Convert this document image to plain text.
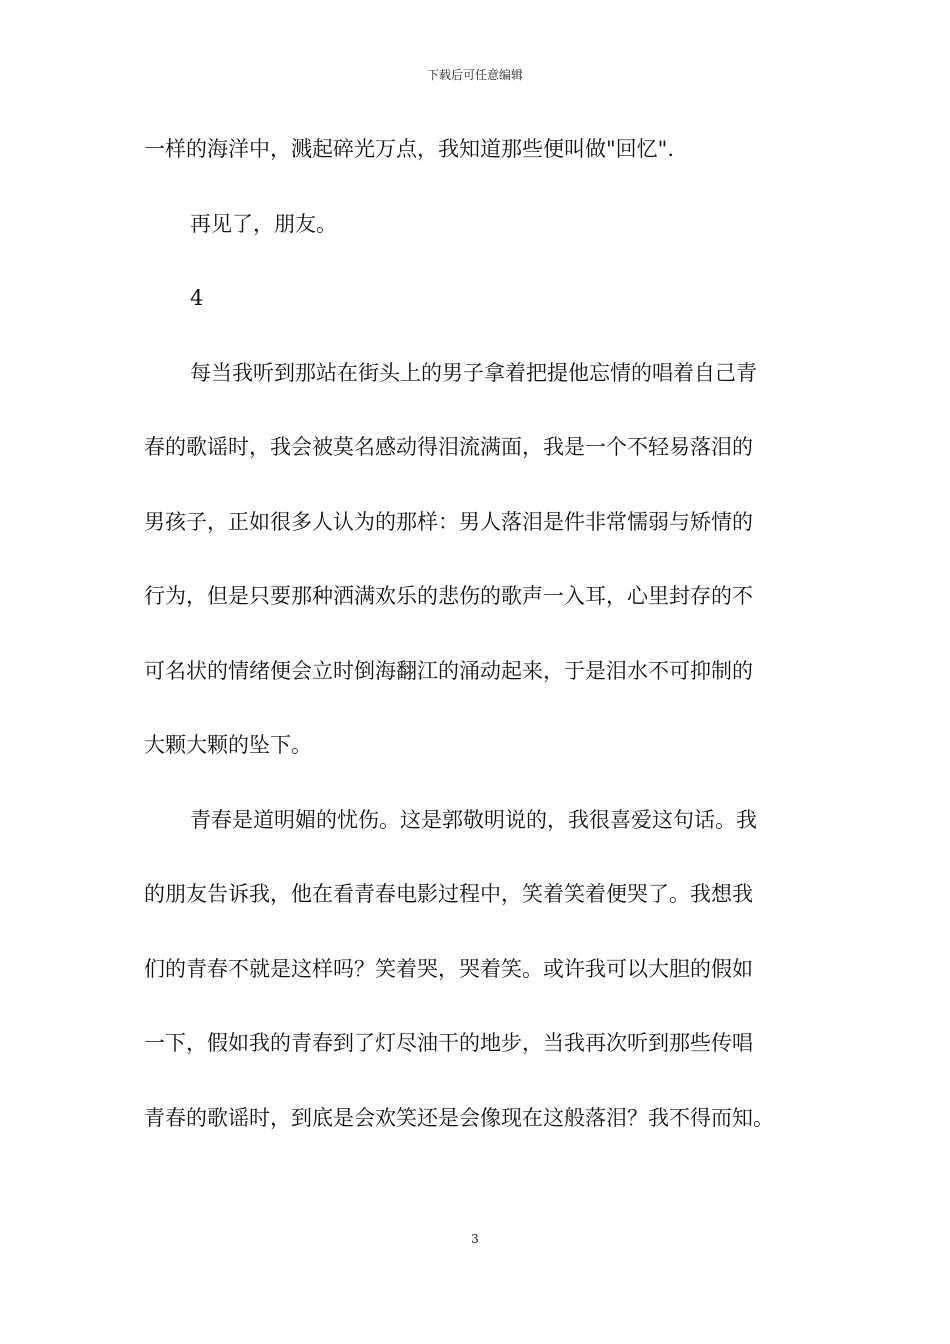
下载后可任意编辑
一样的海洋中，溅起碎光万点，我知道那些便叫做"回忆".
再见了，朋友。
4
每当我听到那站在街头上的男子拿着把提他忘情的唱着自己青
春的歌谣时，我会被莫名感动得泪流满面，我是一个不轻易落泪的
男孩子，正如很多人认为的那样：男人落泪是件非常懦弱与矫情的
行为，但是只要那种洒满欢乐的悲伤的歌声一入耳，心里封存的不
可名状的情绪便会立时倒海翻江的涌动起来，于是泪水不可抑制的
大颗大颗的坠下。
青春是道明媚的忧伤。这是郭敬明说的，我很喜爱这句话。我
的朋友告诉我，他在看青春电影过程中，笑着笑着便哭了。我想我
们的青春不就是这样吗？笑着哭，哭着笑。或许我可以大胆的假如
一下，假如我的青春到了灯尽油干的地步，当我再次听到那些传唱
青春的歌谣时，到底是会欢笑还是会像现在这般落泪？我不得而知。
3
